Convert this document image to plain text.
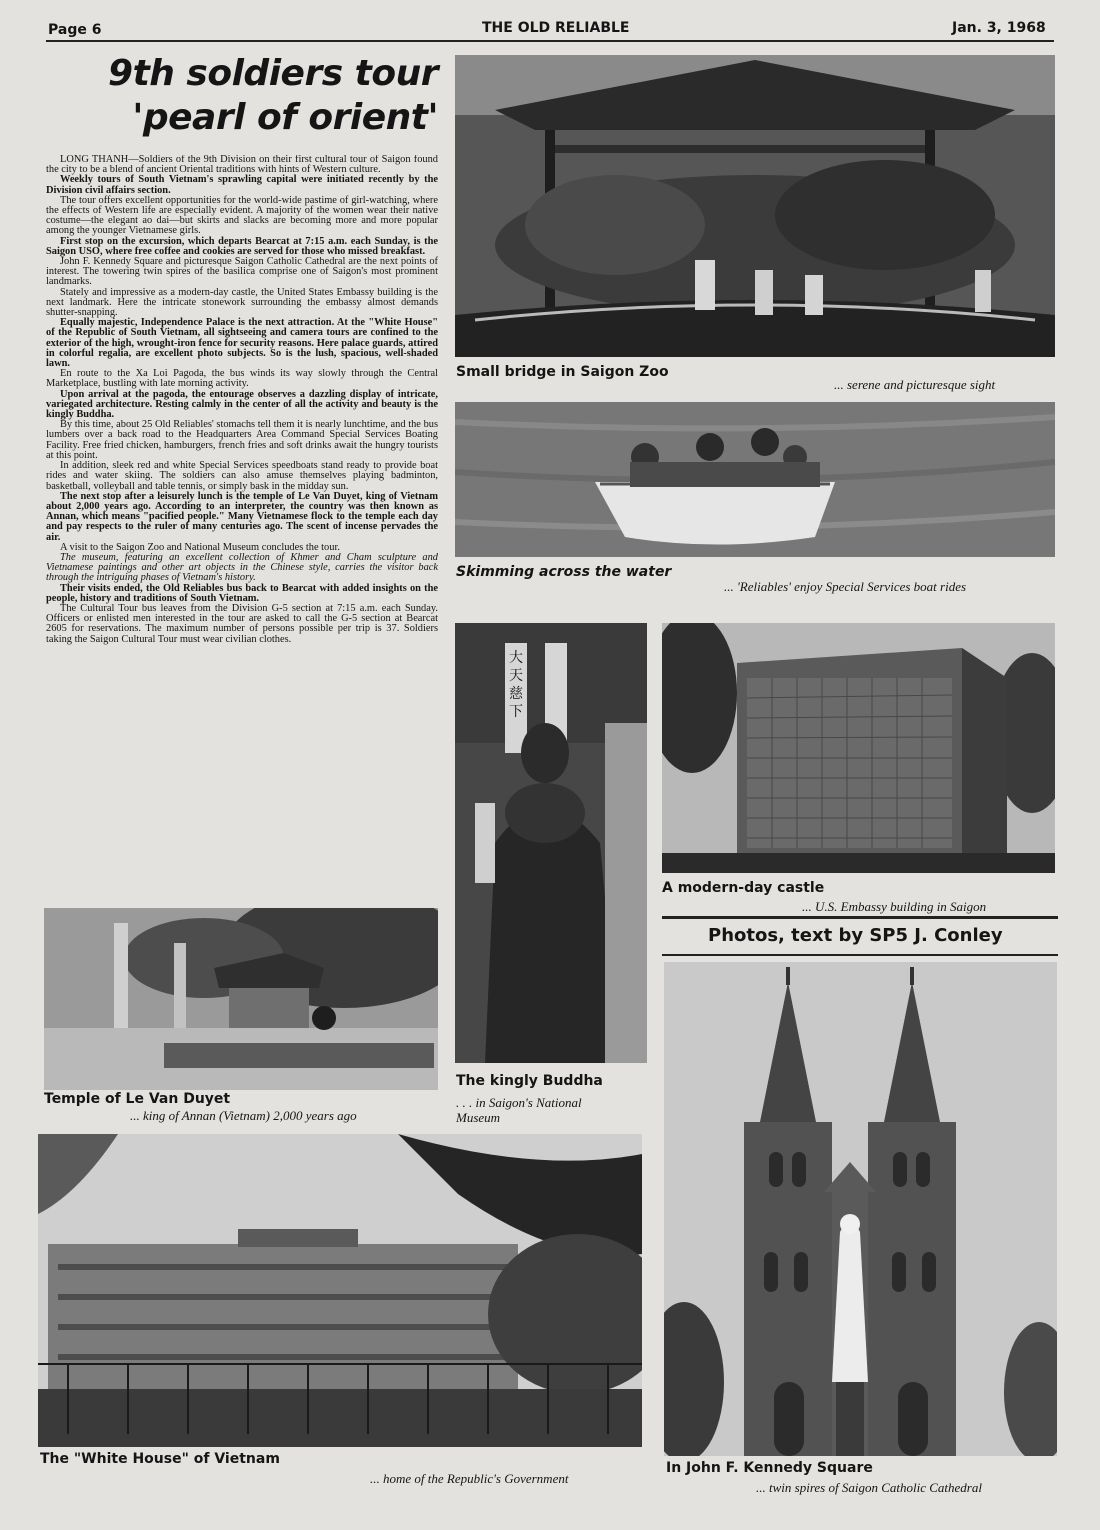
Page 6	THE OLD RELIABLE	Jan. 3, 1968
9th soldiers tour
'pearl of orient'

LONG THANH—Soldiers of the 9th Division on their first cultural tour of Saigon found the city to be a blend of ancient Oriental traditions with hints of Western culture.

Weekly tours of South Vietnam's sprawling capital were initiated recently by the Division civil affairs section.

The tour offers excellent opportunities for the world-wide pastime of girl-watching, where the effects of Western life are especially evident. A majority of the women wear their native costume—the elegant ao dai—but skirts and slacks are becoming more and more popular among the younger Vietnamese girls.

First stop on the excursion, which departs Bearcat at 7:15 a.m. each Sunday, is the Saigon USO, where free coffee and cookies are served for those who missed breakfast.

John F. Kennedy Square and picturesque Saigon Catholic Cathedral are the next points of interest. The towering twin spires of the basilica comprise one of Saigon's most prominent landmarks.

Stately and impressive as a modern-day castle, the United States Embassy building is the next landmark. Here the intricate stonework surrounding the embassy almost demands shutter-snapping.

Equally majestic, Independence Palace is the next attraction. At the "White House" of the Republic of South Vietnam, all sightseeing and camera tours are confined to the exterior of the high, wrought-iron fence for security reasons. Here palace guards, attired in colorful regalia, are excellent photo subjects. So is the lush, spacious, well-shaded lawn.

En route to the Xa Loi Pagoda, the bus winds its way slowly through the Central Marketplace, bustling with late morning activity.

Upon arrival at the pagoda, the entourage observes a dazzling display of intricate, variegated architecture. Resting calmly in the center of all the activity and beauty is the kingly Buddha.

By this time, about 25 Old Reliables' stomachs tell them it is nearly lunchtime, and the bus lumbers over a back road to the Headquarters Area Command Special Services Boating Facility. Free fried chicken, hamburgers, french fries and soft drinks await the hungry tourists at this point.

In addition, sleek red and white Special Services speedboats stand ready to provide boat rides and water skiing. The soldiers can also amuse themselves playing badminton, basketball, volleyball and table tennis, or simply bask in the midday sun.

The next stop after a leisurely lunch is the temple of Le Van Duyet, king of Vietnam about 2,000 years ago. According to an interpreter, the country was then known as Annan, which means "pacified people." Many Vietnamese flock to the temple each day and pay respects to the ruler of many centuries ago. The scent of incense pervades the air.

A visit to the Saigon Zoo and National Museum concludes the tour.

The museum, featuring an excellent collection of Khmer and Cham sculpture and Vietnamese paintings and other art objects in the Chinese style, carries the visitor back through the intriguing phases of Vietnam's history.

Their visits ended, the Old Reliables bus back to Bearcat with added insights on the people, history and traditions of South Vietnam.

The Cultural Tour bus leaves from the Division G-5 section at 7:15 a.m. each Sunday. Officers or enlisted men interested in the tour are asked to call the G-5 section at Bearcat 2605 for reservations. The maximum number of persons possible per trip is 37. Soldiers taking the Saigon Cultural Tour must wear civilian clothes.

Small bridge in Saigon Zoo
... serene and picturesque sight
Skimming across the water
... 'Reliables' enjoy Special Services boat rides
大 天 慈 下
The kingly Buddha
. . . in Saigon's National
Museum
A modern-day castle
... U.S. Embassy building in Saigon
Photos, text by SP5 J. Conley
Temple of Le Van Duyet
... king of Annan (Vietnam) 2,000 years ago
The "White House" of Vietnam
... home of the Republic's Government
In John F. Kennedy Square
... twin spires of Saigon Catholic Cathedral
